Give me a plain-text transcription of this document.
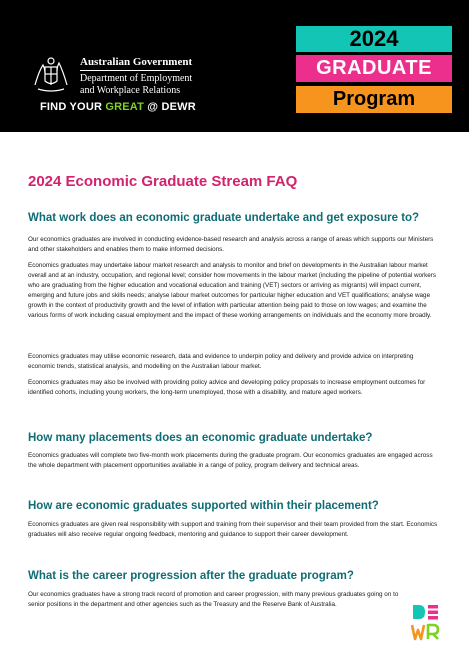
Australian Government
Department of Employment
and Workplace Relations
FIND YOUR GREAT @ DEWR
2024
GRADUATE
Program
2024 Economic Graduate Stream FAQ
What work does an economic graduate undertake and get exposure to?

Our economics graduates are involved in conducting evidence-based research and analysis across a range of areas which supports our Ministers and other stakeholders and enables them to make informed decisions.

Economics graduates may undertake labour market research and analysis to monitor and brief on developments in the Australian labour market overall and at an industry, occupation, and regional level; consider how movements in the labour market (including the pipeline of potential workers who are graduating from the higher education and vocational education and training (VET) sectors or arriving as migrants) will impact current, emerging and future jobs and skills needs; analyse labour market outcomes for particular higher education and VET qualifications; analyse wage growth in the context of productivity growth and the level of inflation with particular attention being paid to those on low wages; and examine the various forms of work including casual employment and the impact of these working arrangements on individuals and the economy more broadly.

Economics graduates may utilise economic research, data and evidence to underpin policy and delivery and provide advice on interpreting economic trends, statistical analysis, and modelling on the Australian labour market.

Economics graduates may also be involved with providing policy advice and developing policy proposals to increase employment outcomes for identified cohorts, including young workers, the long-term unemployed, those with a disability, and mature aged workers.

How many placements does an economic graduate undertake?

Economics graduates will complete two five-month work placements during the graduate program. Our economics graduates are engaged across the whole department with placement opportunities available in a range of policy, program delivery and technical areas.

How are economic graduates supported within their placement?

Economics graduates are given real responsibility with support and training from their supervisor and their team provided from the start. Economics graduates will also receive regular ongoing feedback, mentoring and guidance to support their career development.

What is the career progression after the graduate program?

Our economics graduates have a strong track record of promotion and career progression, with many previous graduates going on to senior positions in the department and other agencies such as the Treasury and the Reserve Bank of Australia.
